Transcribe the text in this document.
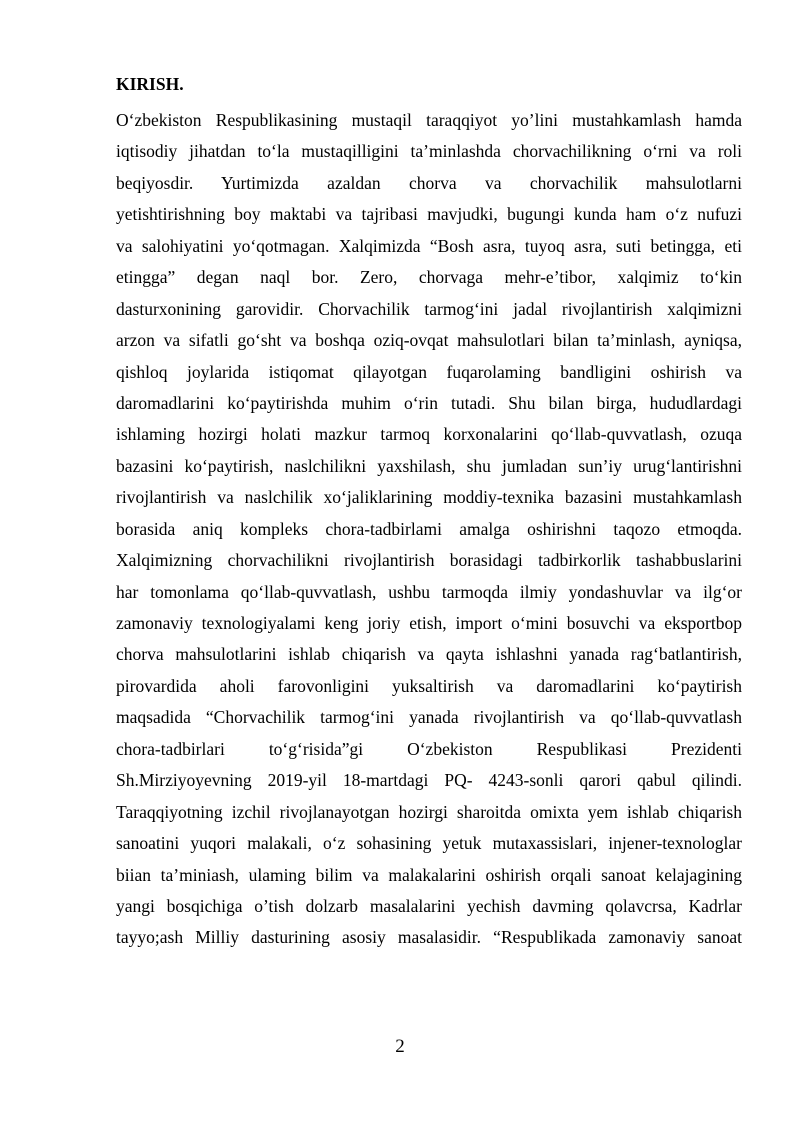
KIRISH.
O‘zbekiston Respublikasining mustaqil taraqqiyot yo’lini mustahkamlash hamda
iqtisodiy jihatdan to‘la mustaqilligini ta’minlashda chorvachilikning o‘rni va roli
beqiyosdir. Yurtimizda azaldan chorva va chorvachilik mahsulotlarni
yetishtirishning boy maktabi va tajribasi mavjudki, bugungi kunda ham o‘z nufuzi
va salohiyatini yo‘qotmagan. Xalqimizda “Bosh asra, tuyoq asra, suti betingga, eti
etingga” degan naql bor. Zero, chorvaga mehr-e’tibor, xalqimiz to‘kin
dasturxonining garovidir. Chorvachilik tarmog‘ini jadal rivojlantirish xalqimizni
arzon va sifatli go‘sht va boshqa oziq-ovqat mahsulotlari bilan ta’minlash, ayniqsa,
qishloq joylarida istiqomat qilayotgan fuqarolaming bandligini oshirish va
daromadlarini ko‘paytirishda muhim o‘rin tutadi. Shu bilan birga, hududlardagi
ishlaming hozirgi holati mazkur tarmoq korxonalarini qo‘llab-quvvatlash, ozuqa
bazasini ko‘paytirish, naslchilikni yaxshilash, shu jumladan sun’iy urug‘lantirishni
rivojlantirish va naslchilik xo‘jaliklarining moddiy-texnika bazasini mustahkamlash
borasida aniq kompleks chora-tadbirlami amalga oshirishni taqozo etmoqda.
Xalqimizning chorvachilikni rivojlantirish borasidagi tadbirkorlik tashabbuslarini
har tomonlama qo‘llab-quvvatlash, ushbu tarmoqda ilmiy yondashuvlar va ilg‘or
zamonaviy texnologiyalami keng joriy etish, import o‘mini bosuvchi va eksportbop
chorva mahsulotlarini ishlab chiqarish va qayta ishlashni yanada rag‘batlantirish,
pirovardida aholi farovonligini yuksaltirish va daromadlarini ko‘paytirish
maqsadida “Chorvachilik tarmog‘ini yanada rivojlantirish va qo‘llab-quvvatlash
chora-tadbirlari to‘g‘risida”gi O‘zbekiston Respublikasi Prezidenti
Sh.Mirziyoyevning 2019-yil 18-martdagi PQ- 4243-sonli qarori qabul qilindi.
Taraqqiyotning izchil rivojlanayotgan hozirgi sharoitda omixta yem ishlab chiqarish
sanoatini yuqori malakali, o‘z sohasining yetuk mutaxassislari, injener-texnologlar
biian ta’miniash, ulaming bilim va malakalarini oshirish orqali sanoat kelajagining
yangi bosqichiga o’tish dolzarb masalalarini yechish davming qolavcrsa, Kadrlar
tayyo;ash Milliy dasturining asosiy masalasidir. “Respublikada zamonaviy sanoat
2
